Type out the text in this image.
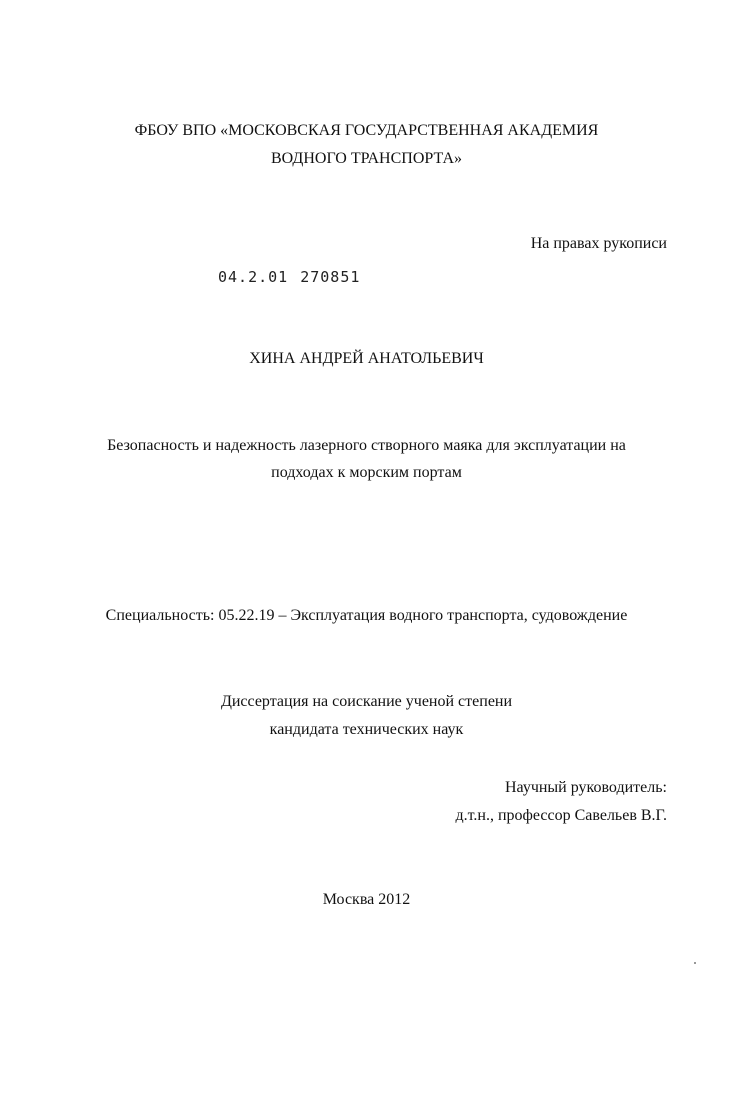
ФБОУ ВПО «МОСКОВСКАЯ ГОСУДАРСТВЕННАЯ АКАДЕМИЯ
ВОДНОГО ТРАНСПОРТА»
На правах рукописи
04.2.01 270851
ХИНА АНДРЕЙ АНАТОЛЬЕВИЧ
Безопасность и надежность лазерного створного маяка для эксплуатации на
подходах к морским портам
Специальность: 05.22.19 – Эксплуатация водного транспорта, судовождение
Диссертация на соискание ученой степени
кандидата технических наук
Научный руководитель:
д.т.н., профессор Савельев В.Г.
Москва 2012
